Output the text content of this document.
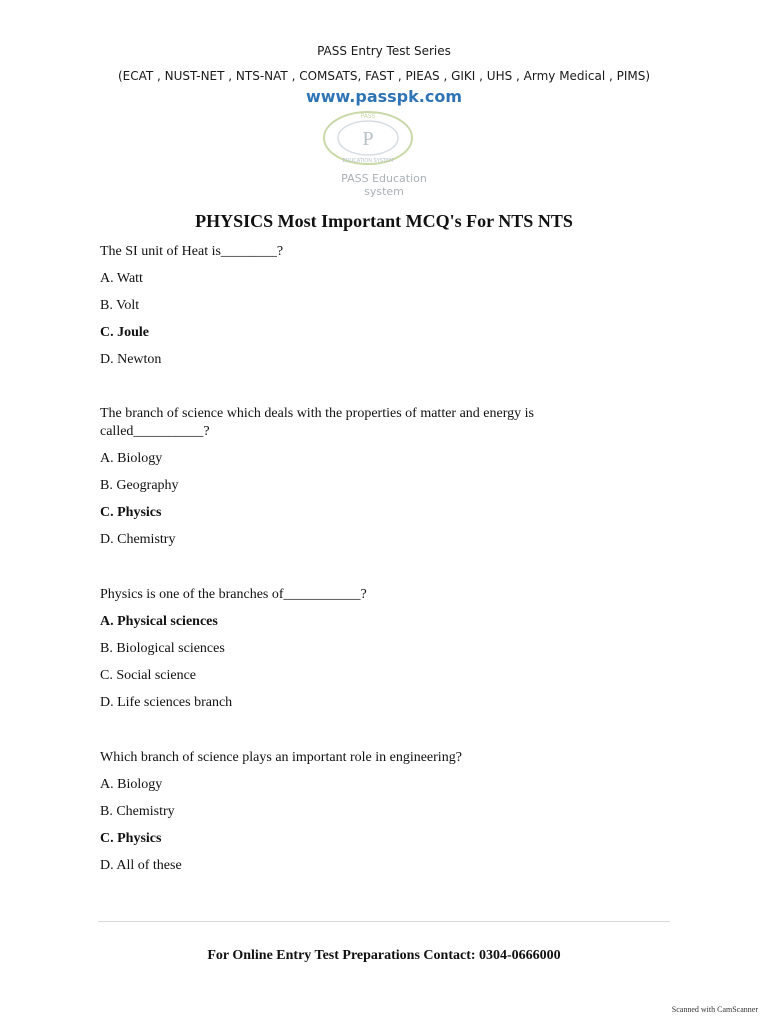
PASS Entry Test Series
(ECAT , NUST-NET , NTS-NAT , COMSATS, FAST , PIEAS , GIKI , UHS , Army Medical , PIMS)
www.passpk.com
P
PASS
EDUCATION SYSTEM
PASS Education
system
PHYSICS Most Important MCQ's For NTS NTS
The SI unit of Heat is________?
A. Watt
B. Volt
C. Joule
D. Newton
The branch of science which deals with the properties of matter and energy is
called__________?
A. Biology
B. Geography
C. Physics
D. Chemistry
Physics is one of the branches of___________?
A. Physical sciences
B. Biological sciences
C. Social science
D. Life sciences branch
Which branch of science plays an important role in engineering?
A. Biology
B. Chemistry
C. Physics
D. All of these
For Online Entry Test Preparations Contact: 0304-0666000
Scanned with CamScanner
